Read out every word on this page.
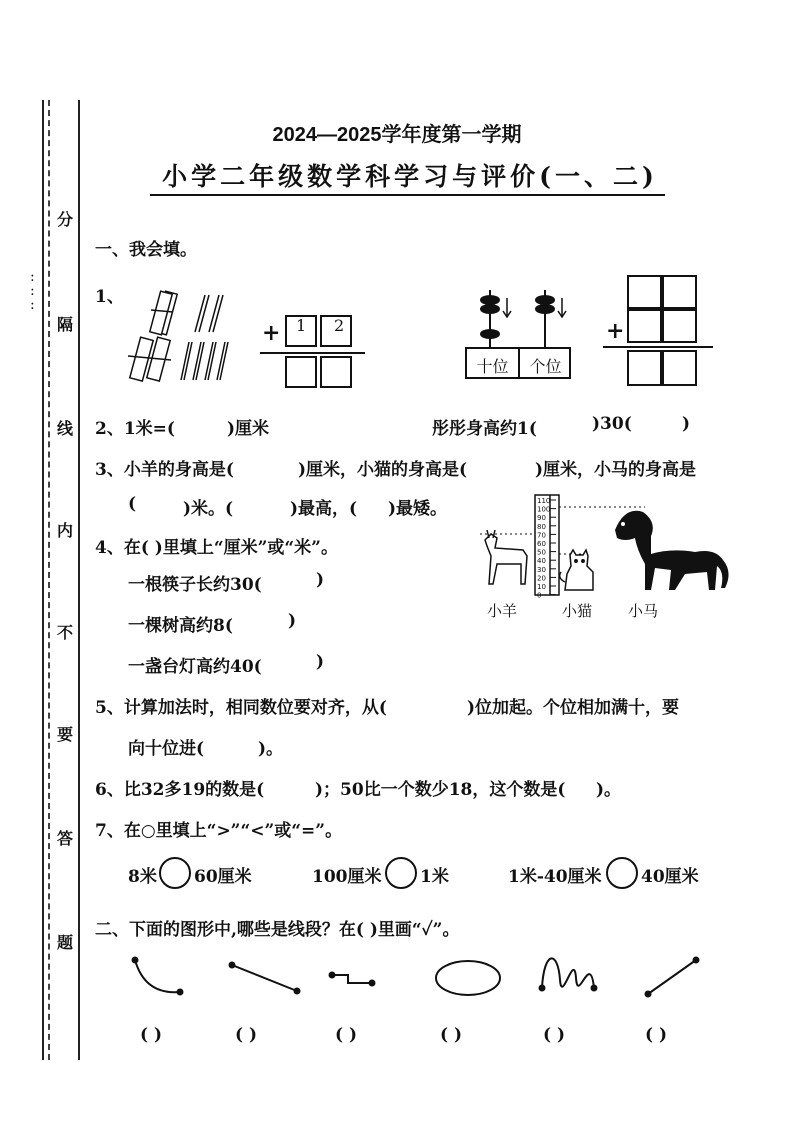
:
:
:
分
隔
线
内
不
要
答
题
2024—2025学年度第一学期
小学二年级数学科学习与评价(一、二)
一、我会填。
1、
1 2
+
十位	个位
+
2、1米=(	)厘米	彤彤身高约1(	)30(	)
3、小羊的身高是(	)厘米，小猫的身高是(	)厘米，小马的身高是
(	)米。(	)最高，( )最矮。	110
100
90
80
70
60
50
40
30
20
10
0
小羊	小猫 小马
4、在( )里填上“厘米”或“米”。
一根筷子长约30(	)
一棵树高约8(	)
一盏台灯高约40(	)
5、计算加法时，相同数位要对齐，从(	)位加起。个位相加满十，要
向十位进(	)。
6、比32多19的数是(	)；50比一个数少18，这个数是( )。
7、在○里填上“>”“<”或“=”。
8米 60厘米	100厘米 1米	1米-40厘米 40厘米
二、下面的图形中,哪些是线段？在( )里画“✓”。
( )	( )	( )	( )	( )	( )
